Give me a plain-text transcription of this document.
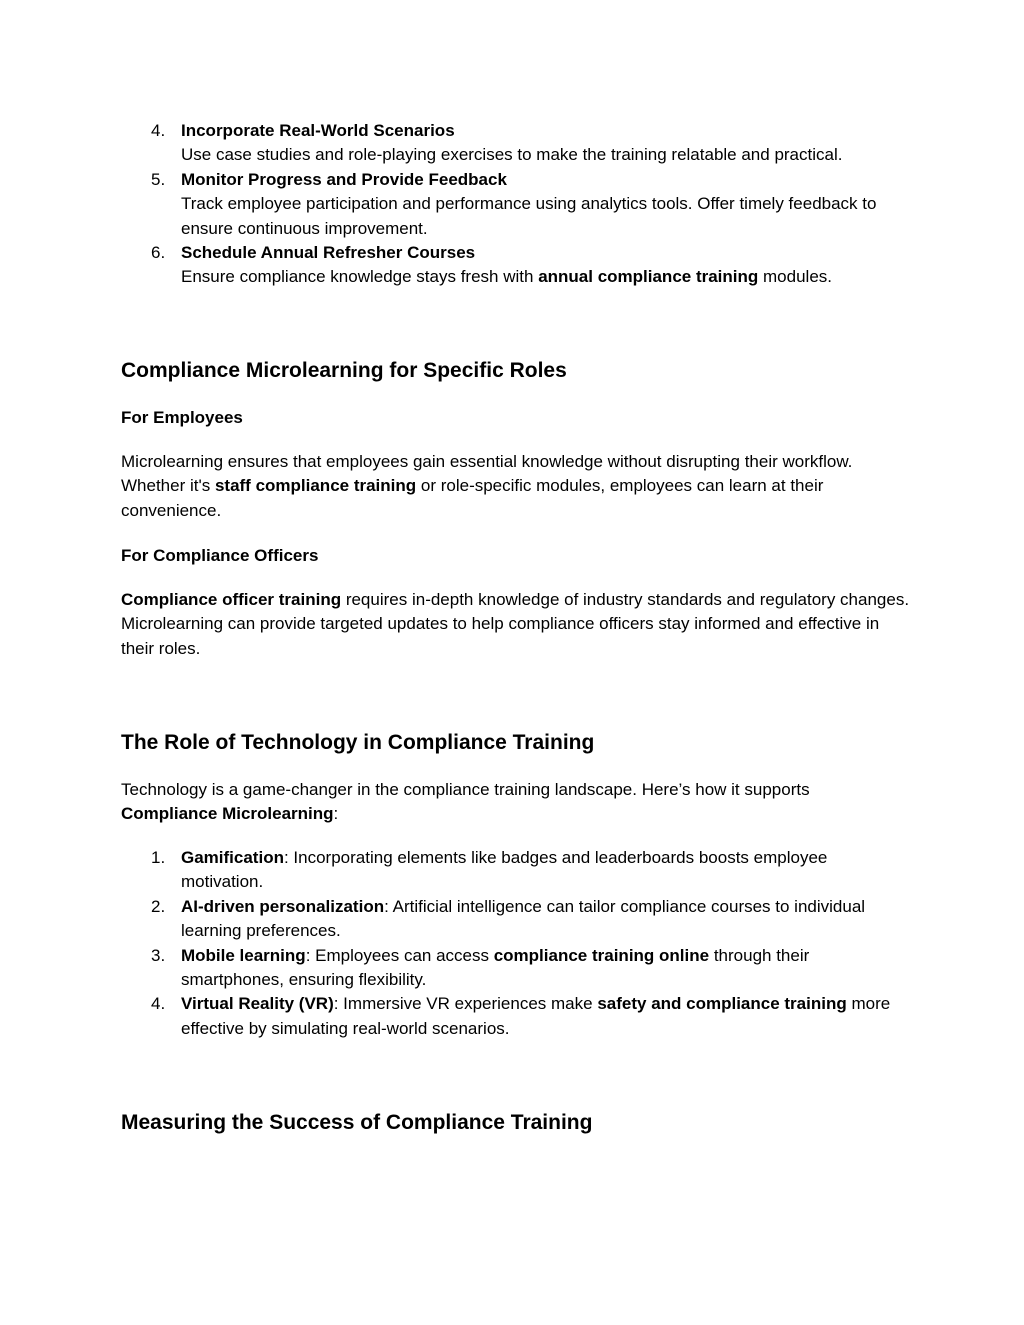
4. Incorporate Real-World Scenarios
Use case studies and role-playing exercises to make the training relatable and practical.
5. Monitor Progress and Provide Feedback
Track employee participation and performance using analytics tools. Offer timely feedback to ensure continuous improvement.
6. Schedule Annual Refresher Courses
Ensure compliance knowledge stays fresh with annual compliance training modules.
Compliance Microlearning for Specific Roles
For Employees

Microlearning ensures that employees gain essential knowledge without disrupting their workflow. Whether it's staff compliance training or role-specific modules, employees can learn at their convenience.

For Compliance Officers

Compliance officer training requires in-depth knowledge of industry standards and regulatory changes. Microlearning can provide targeted updates to help compliance officers stay informed and effective in their roles.

The Role of Technology in Compliance Training

Technology is a game-changer in the compliance training landscape. Here’s how it supports
Compliance Microlearning:

1. Gamification: Incorporating elements like badges and leaderboards boosts employee motivation.
2. AI-driven personalization: Artificial intelligence can tailor compliance courses to individual learning preferences.
3. Mobile learning: Employees can access compliance training online through their smartphones, ensuring flexibility.
4. Virtual Reality (VR): Immersive VR experiences make safety and compliance training more effective by simulating real-world scenarios.
Measuring the Success of Compliance Training
